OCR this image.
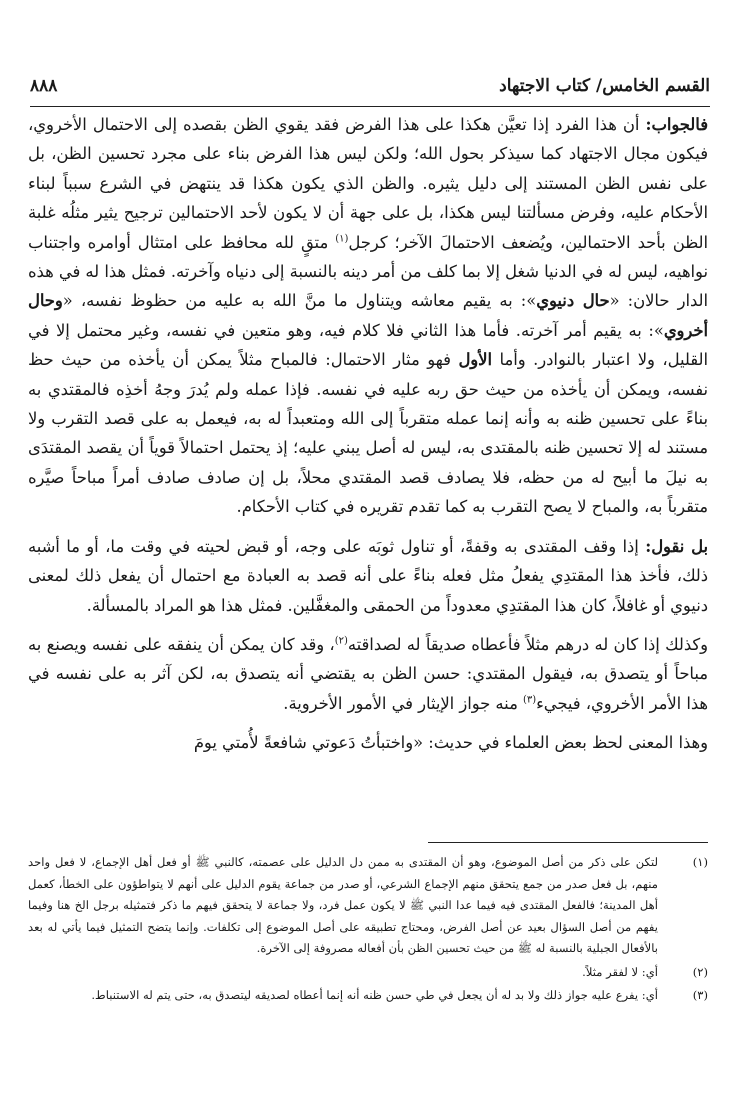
القسم الخامس/ كتاب الاجتهاد
٨٨٨

فالجواب: أن هذا الفرد إذا تعيَّن هكذا على هذا الفرض فقد يقوي الظن بقصده إلى الاحتمال الأخروي، فيكون مجال الاجتهاد كما سيذكر بحول الله؛ ولكن ليس هذا الفرض بناء على مجرد تحسين الظن، بل على نفس الظن المستند إلى دليل يثيره. والظن الذي يكون هكذا قد ينتهض في الشرع سبباً لبناء الأحكام عليه، وفرض مسألتنا ليس هكذا، بل على جهة أن لا يكون لأحد الاحتمالين ترجيح يثير مثلُه غلبة الظن بأحد الاحتمالين، ويُضعف الاحتمالَ الآخر؛ كرجل$^{(١)}$ متقٍ لله محافظ على امتثال أوامره واجتناب نواهيه، ليس له في الدنيا شغل إلا بما كلف من أمر دينه بالنسبة إلى دنياه وآخرته. فمثل هذا له في هذه الدار حالان: «حال دنيوي»: به يقيم معاشه ويتناول ما منَّ الله به عليه من حظوظ نفسه، «وحال أخروي»: به يقيم أمر آخرته. فأما هذا الثاني فلا كلام فيه، وهو متعين في نفسه، وغير محتمل إلا في القليل، ولا اعتبار بالنوادر. وأما الأول فهو مثار الاحتمال: فالمباح مثلاً يمكن أن يأخذه من حيث حظ نفسه، ويمكن أن يأخذه من حيث حق ربه عليه في نفسه. فإذا عمله ولم يُدرَ وجهُ أخذِه فالمقتدي به بناءً على تحسين ظنه به وأنه إنما عمله متقرباً إلى الله ومتعبداً له به، فيعمل به على قصد التقرب ولا مستند له إلا تحسين ظنه بالمقتدى به، ليس له أصل يبني عليه؛ إذ يحتمل احتمالاً قوياً أن يقصد المقتدَى به نيلَ ما أبيح له من حظه، فلا يصادف قصد المقتدي محلاً، بل إن صادف صادف أمراً مباحاً صيَّره متقرباً به، والمباح لا يصح التقرب به كما تقدم تقريره في كتاب الأحكام.

بل نقول: إذا وقف المقتدى به وقفةً، أو تناول ثوبَه على وجه، أو قبض لحيته في وقت ما، أو ما أشبه ذلك، فأخذ هذا المقتدِي يفعلُ مثل فعله بناءً على أنه قصد به العبادة مع احتمال أن يفعل ذلك لمعنى دنيوي أو غافلاً، كان هذا المقتدِي معدوداً من الحمقى والمغفَّلين. فمثل هذا هو المراد بالمسألة.

وكذلك إذا كان له درهم مثلاً فأعطاه صديقاً له لصداقته$^{(٢)}$، وقد كان يمكن أن ينفقه على نفسه ويصنع به مباحاً أو يتصدق به، فيقول المقتدي: حسن الظن به يقتضي أنه يتصدق به، لكن آثر به على نفسه في هذا الأمر الأخروي، فيجيء$^{(٣)}$ منه جواز الإيثار في الأمور الأخروية.

وهذا المعنى لحظ بعض العلماء في حديث: «واختبأتُ دَعوتي شافعةً لأُمتي يومَ

(١)
لتكن على ذكر من أصل الموضوع، وهو أن المقتدى به ممن دل الدليل على عصمته، كالنبي ﷺ أو فعل أهل الإجماع، لا فعل واحد منهم، بل فعل صدر من جمع يتحقق منهم الإجماع الشرعي، أو صدر من جماعة يقوم الدليل على أنهم لا يتواطؤون على الخطأ، كعمل أهل المدينة؛ فالفعل المقتدى فيه فيما عدا النبي ﷺ لا يكون عمل فرد، ولا جماعة لا يتحقق فيهم ما ذكر فتمثيله برجل الخ هنا وفيما يفهم من أصل السؤال بعيد عن أصل الفرض، ومحتاج تطبيقه على أصل الموضوع إلى تكلفات. وإنما يتضح التمثيل فيما يأتي له بعد بالأفعال الجبلية بالنسبة له ﷺ من حيث تحسين الظن بأن أفعاله مصروفة إلى الآخرة.

(٢)
أي: لا لفقر مثلاً.

(٣)
أي: يفرع عليه جواز ذلك ولا بد له أن يجعل في طي حسن ظنه أنه إنما أعطاه لصديقه ليتصدق به، حتى يتم له الاستنباط.
